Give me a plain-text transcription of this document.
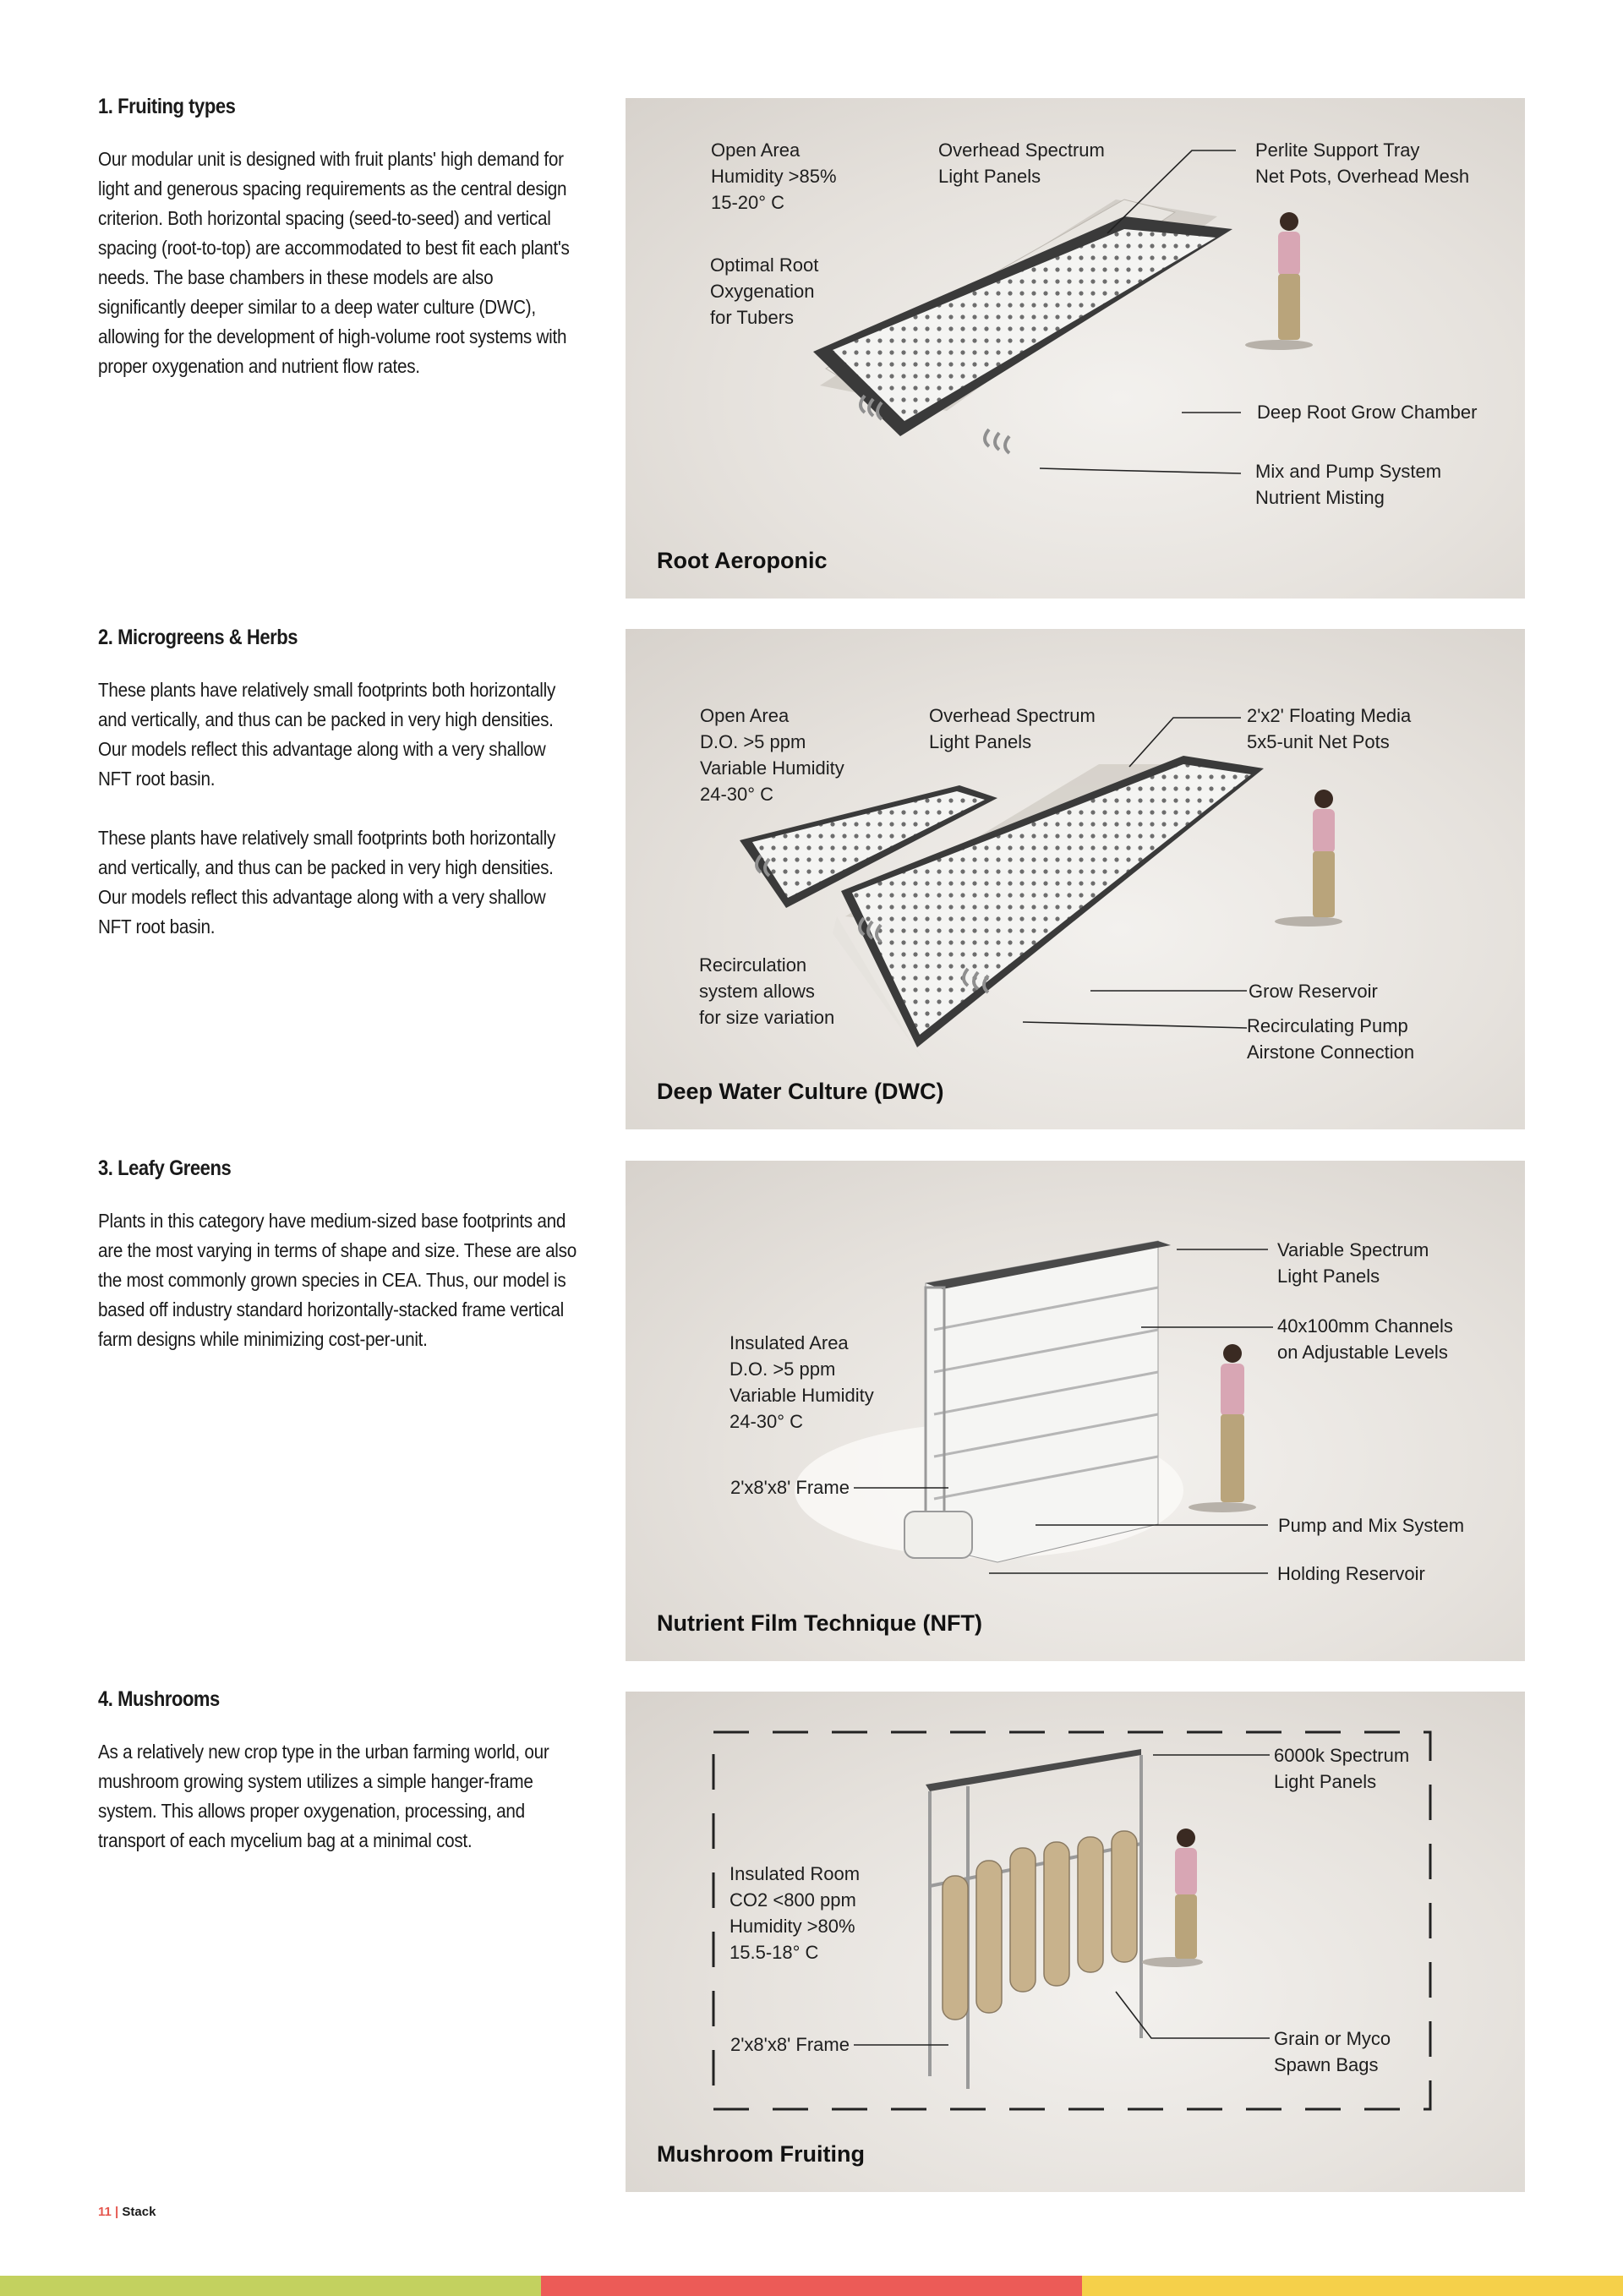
1. Fruiting types
Our modular unit is designed with fruit plants' high demand for light and generous spacing requirements as the central design criterion. Both horizontal spacing (seed-to-seed) and vertical spacing (root-to-top) are accommodated to best fit each plant's needs. The base chambers in these models are also significantly deeper similar to a deep water culture (DWC), allowing for the development of high-volume root systems with proper oxygenation and nutrient flow rates.
Open Area
Humidity >85%
15-20° C
Optimal Root
Oxygenation
for Tubers
Overhead Spectrum
Light Panels
Perlite Support Tray
Net Pots, Overhead Mesh
Deep Root Grow Chamber
Mix and Pump System
Nutrient Misting
Root Aeroponic
2. Microgreens & Herbs
These plants have relatively small footprints both horizontally and vertically, and thus can be packed in very high densities. Our models reflect this advantage along with a very shallow NFT root basin.
These plants have relatively small footprints both horizontally and vertically, and thus can be packed in very high densities. Our models reflect this advantage along with a very shallow NFT root basin.
Open Area
D.O. >5 ppm
Variable Humidity
24-30° C
Overhead Spectrum
Light Panels
2'x2' Floating Media
5x5-unit Net Pots
Recirculation
system allows
for size variation
Grow Reservoir
Recirculating Pump
Airstone Connection
Deep Water Culture (DWC)
3. Leafy Greens
Plants in this category have medium-sized base footprints and are the most varying in terms of shape and size. These are also the most commonly grown species in CEA. Thus, our model is based off industry standard horizontally-stacked frame vertical farm designs while minimizing cost-per-unit.
Variable Spectrum
Light Panels
40x100mm Channels
on Adjustable Levels
Insulated Area
D.O. >5 ppm
Variable Humidity
24-30° C
2'x8'x8' Frame
Pump and Mix System
Holding Reservoir
Nutrient Film Technique (NFT)
4. Mushrooms
As a relatively new crop type in the urban farming world, our mushroom growing system utilizes a simple hanger-frame system. This allows proper oxygenation, processing, and transport of each mycelium bag at a minimal cost.
6000k Spectrum
Light Panels
Insulated Room
CO2 <800 ppm
Humidity >80%
15.5-18° C
2'x8'x8' Frame	Grain or Myco
Spawn Bags
Mushroom Fruiting
11 | Stack
